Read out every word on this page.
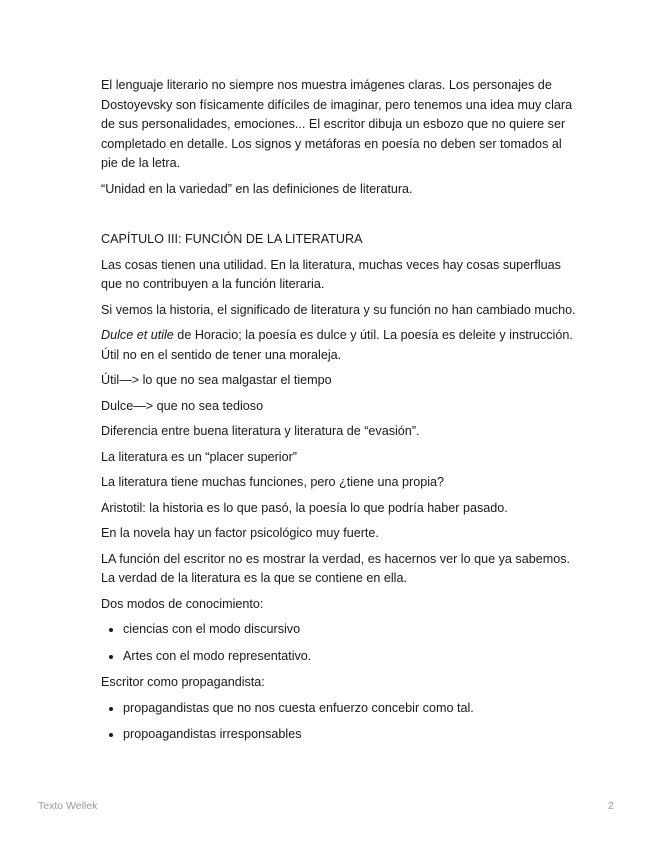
El lenguaje literario no siempre nos muestra imágenes claras. Los personajes de Dostoyevsky son físicamente difíciles de imaginar, pero tenemos una idea muy clara de sus personalidades, emociones... El escritor dibuja un esbozo que no quiere ser completado en detalle. Los signos y metáforas en poesía no deben ser tomados al pie de la letra.

“Unidad en la variedad” en las definiciones de literatura.

CAPÍTULO III: FUNCIÓN DE LA LITERATURA

Las cosas tienen una utilidad. En la literatura, muchas veces hay cosas superfluas que no contribuyen a la función literaria.

Si vemos la historia, el significado de literatura y su función no han cambiado mucho.

Dulce et utile de Horacio; la poesía es dulce y útil. La poesía es deleite y instrucción. Útil no en el sentido de tener una moraleja.

Útil—> lo que no sea malgastar el tiempo

Dulce—> que no sea tedioso

Diferencia entre buena literatura y literatura de “evasión”.

La literatura es un “placer superior”

La literatura tiene muchas funciones, pero ¿tiene una propia?

Aristotil: la historia es lo que pasó, la poesía lo que podría haber pasado.

En la novela hay un factor psicológico muy fuerte.

LA función del escritor no es mostrar la verdad, es hacernos ver lo que ya sabemos. La verdad de la literatura es la que se contiene en ella.

Dos modos de conocimiento:

• ciencias con el modo discursivo
• Artes con el modo representativo.

Escritor como propagandista:

• propagandistas que no nos cuesta enfuerzo concebir como tal.
• propoagandistas irresponsables
Texto Wellek	2
